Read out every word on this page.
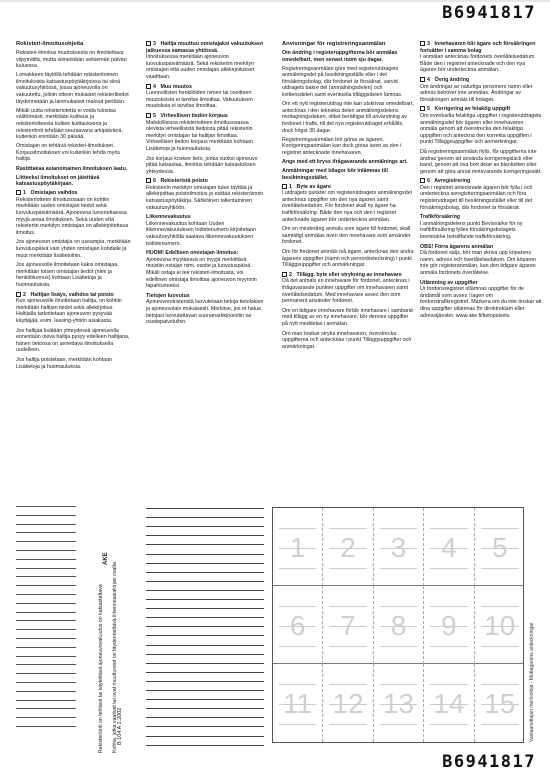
B6941817
B6941817
Rekisteri-ilmoitusohjeita
Rekisteri-ilmoitus muutoksesta on ilmoitettava viipymättä, mutta viimeistään seitsemän päivän kuluessa.
Lomakkeen täytöllä tehdään rekisteritoimen ilmoituksista katsastuspöytäkirjoissa tai siinä vakuutusyhtiössä, jossa ajoneuvolla on vakuutettu, jolloin otteen mukaiset rekisteritiedot täydennetään ja lainmukaiset maksut peritään.
Mikäli uutta rekisteriotetta ei voida tulostaa välittömästi, merkitään kuittaus ja rekisteriotteesta kulkee kuittauksena ja rekisteröinti tehdään seuraavana arkipäivänä, kuitenkin enintään 30 päivää.
Omistajan on tehtävä rekisteri-ilmoitukset. Korjausilmoituksen voi kuitenkin tehdä myös haltija.
Rastittakaa asianomainen ilmoituksen laatu.
Liitteeksi ilmoitukset on jätettävä katsastuspöytäkirjaan.
1 Omistajan vaihdos
Rekisteriotteen ilmoitusosaan on kohtiin merkitään uuden omistajan tiedot sekä luovutuspäivämäärä. Ajoneuvoa luovutettaessa myyjä antaa ilmoituksen. Sekä uuden että rekisteriin merkityn omistajan on allekirjoitettava ilmoitus.
Jos ajoneuvon omistajia on useampia, merkitään luovutuspäivä vain yhden omistajan kohdalle ja muut merkitään lisätietoihin.
Jos ajoneuvolle ilmoitetaan kaksi omistajaa, merkitään toisen omistajan tiedot (nimi ja henkilötunnus) kohtaan Lisätietoja ja huomautuksia.
2 Haltijan lisäys, vaihdos tai poisto
Kun ajoneuvolle ilmoitetaan haltija, on kohtiin merkitään haltijan tiedot sekä allekirjoitus. Haltijalla tarkoitetaan ajoneuvon pysyvää käyttäjää, esim. leasing-yhtiön asiakasta.
Jos haltijaa lisätään yhteydessä ajoneuvolla ennestään oleva haltija pysyy edelleen haltijana, hänen tietonsa on annettava ilmoituksella uudelleen.
Jos haltija poistetaan, merkitään kohtaan Lisätietoja ja huomautuksia.
3 Haltija muuttuu omistajaksi vakuutuksen jatkuessa samassa yhtiössä.
Ilmoituksessa merkitään ajoneuvon luovutuspäivämäärä. Sekä rekisteriin merkityn omistajan että uuden omistajan allekirjoitukset vaaditaan.
4 Muu muutos
Luonnollisten henkilöiden nimen tai osoitteen muutoksista ei tarvitse ilmoittaa. Vakuutuksen muutoksia ei tarvitse ilmoittaa.
5 Virheellisen tiedon korjaus
Mahdollisissa rekisteriotteen ilmoitusosassa olevista virheellisistä tiedoista pitää rekisteriin merkityn omistajan tai haltijan ilmoittaa. Virheellisen tiedon korjaus merkitään kohtaan Lisätietoja ja huomautuksia.
Jos korjaus koskee tieto, jonka vuoksi ajoneuvo pitää katsastaa, ilmoitus tehdään katsastuksen yhteydessä.
6 Rekisteristä poisto
Rekisteriin merkityn omistajan tulee täyttää ja allekirjoittaa poistoilmoitus ja esittää rekisteröinnin katsastuspöytäkirja. Sähköinen tallentaminen vakuutusyhtiöön.
Liikennevakuutus
Liikennevakuutus kohtaan Uuden liikennevakuutuksen todistenumero kirjoitetaan vakuutusyhtiöltä saatava liikennevakuutuksen todistenumero.
HUOM! Edellisen omistajan ilmoitus:
Ajoneuvoa myytäessä on myyjä merkittävä muistiin ostajan nimi, osoite ja luovutuspäivä. Mikäli ostaja ei tee rekisteri-ilmoitusta, voi edellinen omistaja ilmoittaa ajoneuvon myynnin tapahtuneeksi.
Tietojen luovutus
Ajoneuvorekisteristä luovutetaan tietoja tietolakien ja ajoneuvolain mukaisesti. Merkitse, jos et halua tietojasi luovutettavan suoramarkkinointiin tai osoitepalveluihin.
Anvisningar för registreringsanmälan
Om ändring i registeruppgifterna bör anmälas omedelbart, men senast inom sju dagar.
Registreringsanmälan görs med registerutdragets anmälningsdel på besiktningsställe eller i det försäkringsbolag, där fordonet är försäkrat, varvid utdragets bakre del (anmälningsdelen) och kvittensdelen samt eventuella tilläggsdelen lämnas.
Om ett nytt registerutdrag inte kan utskrivas omedelbart, antecknas i den tekniska delen anmälningsdelens mottagningsdatum, vilket berättigar till användning av fordonet i trafik, till det nya registerutdraget erhållits, dock högst 30 dagar.
Registreringsanmälan bör göras av ägaren. Korrigeringsanmälan kan dock göras även av den i registret antecknade innehavaren.
Ange med ett kryss ifrågavarande anmälnings art.
Anmälningar med bilagor bör inlämnas till besiktningsstället.
1 Byte av ägare
I utdragets punkter om registerutdragets anmälningsdel antecknas uppgifter om den nya ägaren samt överlåtelsedatum. För fordonet skall ny ägare ha trafikförsäkring. Både den nya och den i registret antecknade ägaren bör underteckna anmälan.
Om en minderårig anmäls som ägare till fordonet, skall samtidigt anmälas även den innehavare som använder fordonet.
Om för fordonet anmäls två ägare, antecknas den andra ägarens uppgifter (namn och personbeteckning) i punkt Tilläggsuppgifter och anmärkningar.
2 Tillägg, byte eller strykning av innehavare
Då det anmäls en innehavare för fordonet, antecknas i ifrågavarande punkter uppgifter om innehavaren samt överlåtelsedatum. Med innehavare avses den som permanent använder fordonet.
Om en tidigare innehavare förblir innehavare i samband med tillägg av en ny innehavare, bör dennes uppgifter på nytt meddelas i anmälan.
Om man önskar stryka innehavaren, överstrecka uppgifterna och antecknas i punkt Tilläggsuppgifter och anmärkningar.
3 Innehavaren blir ägare och försäkringen fortsätter i samma bolag
I anmälan antecknas fordonets överlåtelsedatum. Både den i registret antecknade och den nya ägaren bör underteckna anmälan.
4 Övrig ändring
Om ändringar av naturliga personers namn eller adress behöver inte anmälas. Ändringar av försäkringen anmäls till bolaget.
5 Korrigering av felaktig uppgift
Om eventuella felaktiga uppgifter i registerutdragets anmälningsdel bör ägaren eller innehavaren anmäla genom att överstrecka den felaktiga uppgiften och anteckna den korrekta uppgiften i punkt Tilläggsuppgifter och anmärkningar.
Då registreringsanmälan ifylls, får uppgifterna inte ändras genom att använda korrigeringslack eller band, genom att riva bort delar av blanketten eller genom att göra annat motsvarande korrigeringssätt.
6 Avregistrering
Den i registret antecknade ägaren bör fylla i och underteckna avregistreringsanmälan och föra registerutdraget till besiktningsstället eller till det försäkringsbolag, där fordonet är försäkrat.
Trafikförsäkring
I anmälningsdelens punkt Bevisnärke för ny trafikförsäkring fylles försäkringsbolagets bevisnärke beträffande trafikförsäkring.
OBS! Förra ägarens anmälan
Då fordonet säljs, bör man skriva upp köparens namn, adress och överlåtelsedatum. Om köparen inte gör registeranmälan, kan den tidigare ägaren anmäla fordonets överlåtelse.
Utlämning av uppgifter
Ur fordonsregistret utlämnas uppgifter för de ändamål som avses i lagen om fordonstrafikregistret. Markera om du inte önskar att dina uppgifter utlämnas för direktreklam eller adresstjänster. www.ake.fi/tietopalvelu
AKE
Rekisteröinti on tehtävä tai käytettävä ajoneuvovakuutus on katsastettava Kohtia, jotka vaativat tai ovat muuttuneet on täydennettävä liikenneasiakirjan osalta B 104 A 1.2002
1	2	3	4	5
6	7	8	9 10
11 12 13 14 15	Vastaanottajan merkintöjä - Mottagarens anteckningar
